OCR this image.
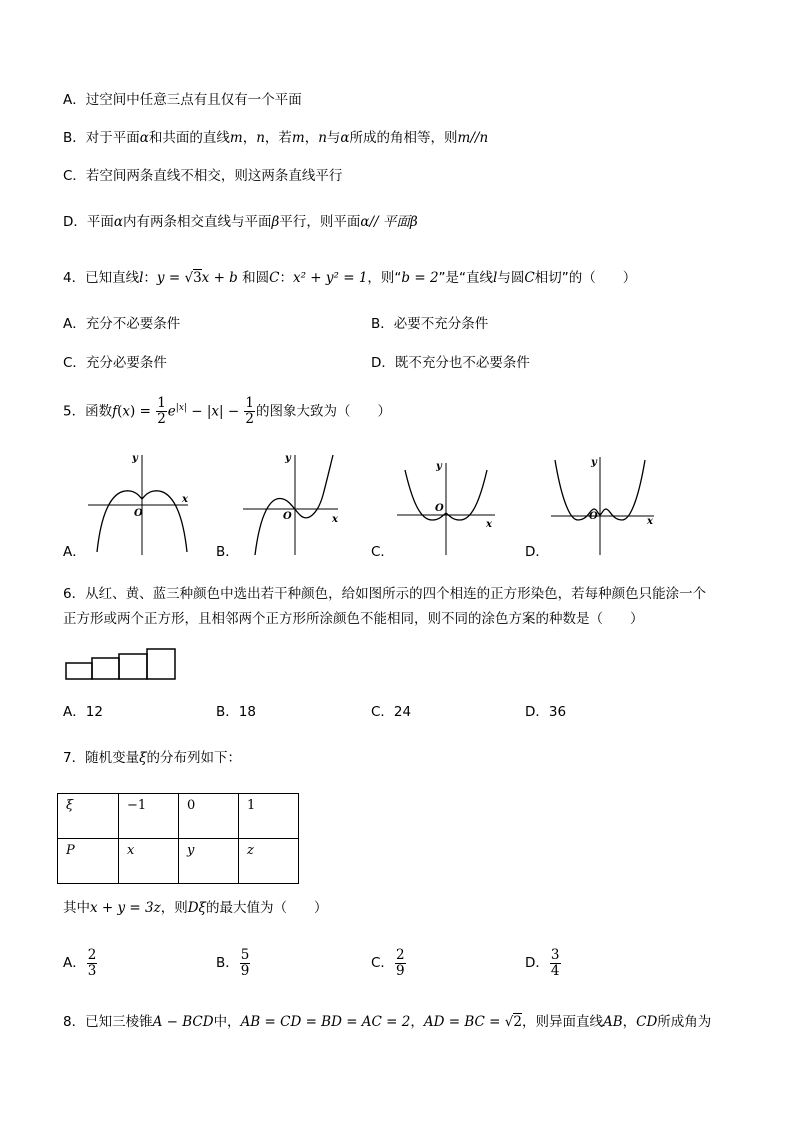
A．过空间中任意三点有且仅有一个平面
B．对于平面α和共面的直线m，n，若m，n与α所成的角相等，则m//n
C．若空间两条直线不相交，则这两条直线平行
D．平面α内有两条相交直线与平面β平行，则平面α// 平面β
4．已知直线l：y = √3x + b 和圆C：x² + y² = 1，则“b = 2”是“直线l与圆C相切”的（　　）
A．充分不必要条件	B．必要不充分条件
C．充分必要条件	D．既不充分也不必要条件
5．函数$f(x) = \frac{1}{2} e^{|x|} - |x| - \frac{1}{2}$ 的图象大致为（　　）
O
x
y
O	x
y
O
x
y
O	x
y
A．	B．	C．	D．
6．从红、黄、蓝三种颜色中选出若干种颜色，给如图所示的四个相连的正方形染色，若每种颜色只能涂一个
正方形或两个正方形，且相邻两个正方形所涂颜色不能相同，则不同的涂色方案的种数是（　　）
A．12	B．18	C．24	D．36
7．随机变量ξ的分布列如下：
ξ	−1	0	1
P	x	y	z
其中x + y = 3z，则Dξ的最大值为（　　）
A． $\frac{2}{3}$	B． $\frac{5}{9}$	C． $\frac{2}{9}$	D． $\frac{3}{4}$
8．已知三棱锥A − BCD中，AB = CD = BD = AC = 2，AD = BC = √2，则异面直线AB，CD所成角为
